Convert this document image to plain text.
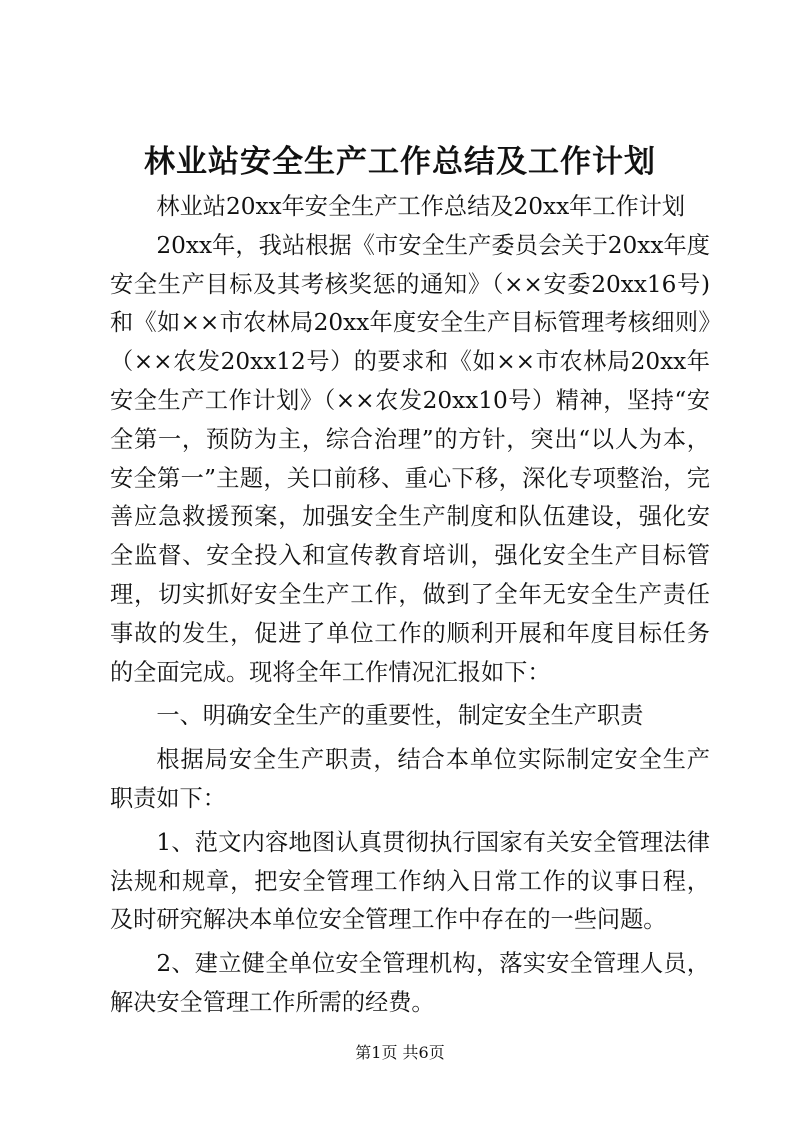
林业站安全生产工作总结及工作计划

林业站20xx年安全生产工作总结及20xx年工作计划

20xx年，我站根据《市安全生产委员会关于20xx年度安全生产目标及其考核奖惩的通知》（××安委20xx16号)和《如××市农林局20xx年度安全生产目标管理考核细则》（××农发20xx12号）的要求和《如××市农林局20xx年安全生产工作计划》（××农发20xx10号）精神，坚持“安全第一，预防为主，综合治理”的方针，突出“以人为本，安全第一”主题，关口前移、重心下移，深化专项整治，完善应急救援预案，加强安全生产制度和队伍建设，强化安全监督、安全投入和宣传教育培训，强化安全生产目标管理，切实抓好安全生产工作，做到了全年无安全生产责任事故的发生，促进了单位工作的顺利开展和年度目标任务的全面完成。现将全年工作情况汇报如下：

一、明确安全生产的重要性，制定安全生产职责

根据局安全生产职责，结合本单位实际制定安全生产职责如下：

1、范文内容地图认真贯彻执行国家有关安全管理法律法规和规章，把安全管理工作纳入日常工作的议事日程，及时研究解决本单位安全管理工作中存在的一些问题。

2、建立健全单位安全管理机构，落实安全管理人员，解决安全管理工作所需的经费。

第1页 共6页
